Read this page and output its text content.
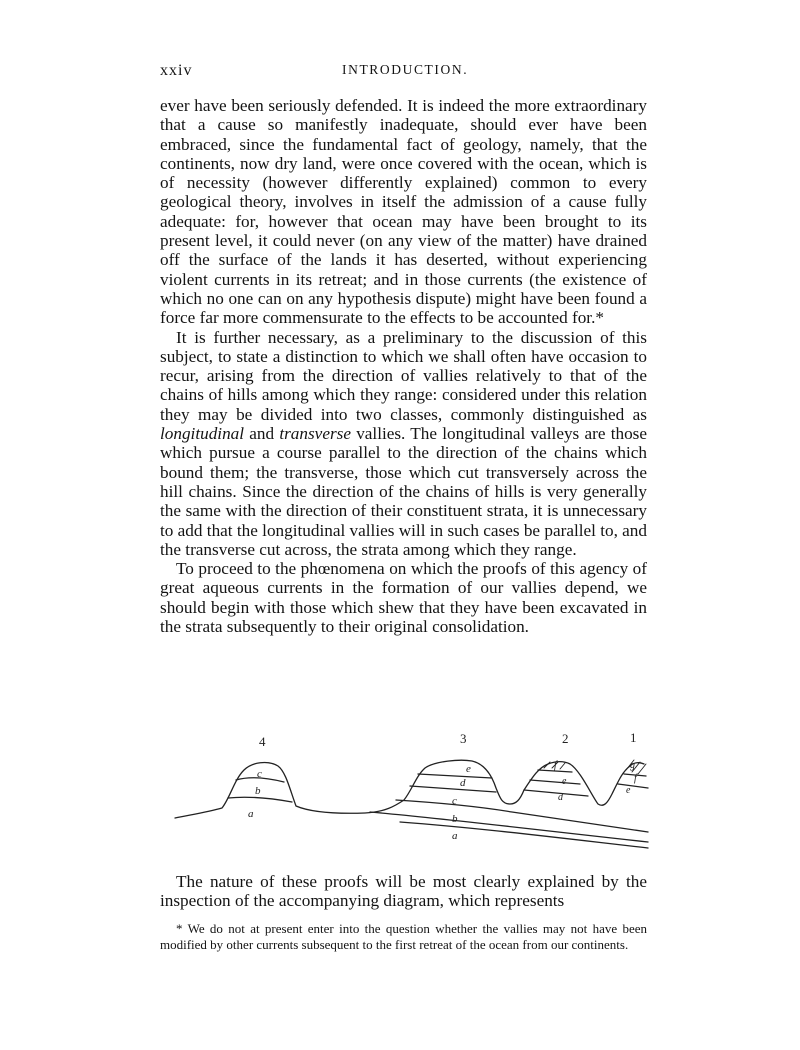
xxiv	INTRODUCTION.

ever have been seriously defended. It is indeed the more extraordinary that a cause so manifestly inadequate, should ever have been embraced, since the fundamental fact of geology, namely, that the continents, now dry land, were once covered with the ocean, which is of necessity (however differently explained) common to every geological theory, involves in itself the admission of a cause fully adequate: for, however that ocean may have been brought to its present level, it could never (on any view of the matter) have drained off the surface of the lands it has deserted, without experiencing violent currents in its retreat; and in those currents (the existence of which no one can on any hypothesis dispute) might have been found a force far more commensurate to the effects to be accounted for.*

It is further necessary, as a preliminary to the discussion of this subject, to state a distinction to which we shall often have occasion to recur, arising from the direction of vallies relatively to that of the chains of hills among which they range: considered under this relation they may be divided into two classes, commonly distinguished as longitudinal and transverse vallies. The longitudinal valleys are those which pursue a course parallel to the direction of the chains which bound them; the transverse, those which cut transversely across the hill chains. Since the direction of the chains of hills is very generally the same with the direction of their constituent strata, it is unnecessary to add that the longitudinal vallies will in such cases be parallel to, and the transverse cut across, the strata among which they range.

To proceed to the phœnomena on which the proofs of this agency of great aqueous currents in the formation of our vallies depend, we should begin with those which shew that they have been excavated in the strata subsequently to their original consolidation.

4	3	2	1
c
b
a
e
d
c
b
a
f
e
d
g
f
e

The nature of these proofs will be most clearly explained by the inspection of the accompanying diagram, which represents

* We do not at present enter into the question whether the vallies may not have been modified by other currents subsequent to the first retreat of the ocean from our continents.
